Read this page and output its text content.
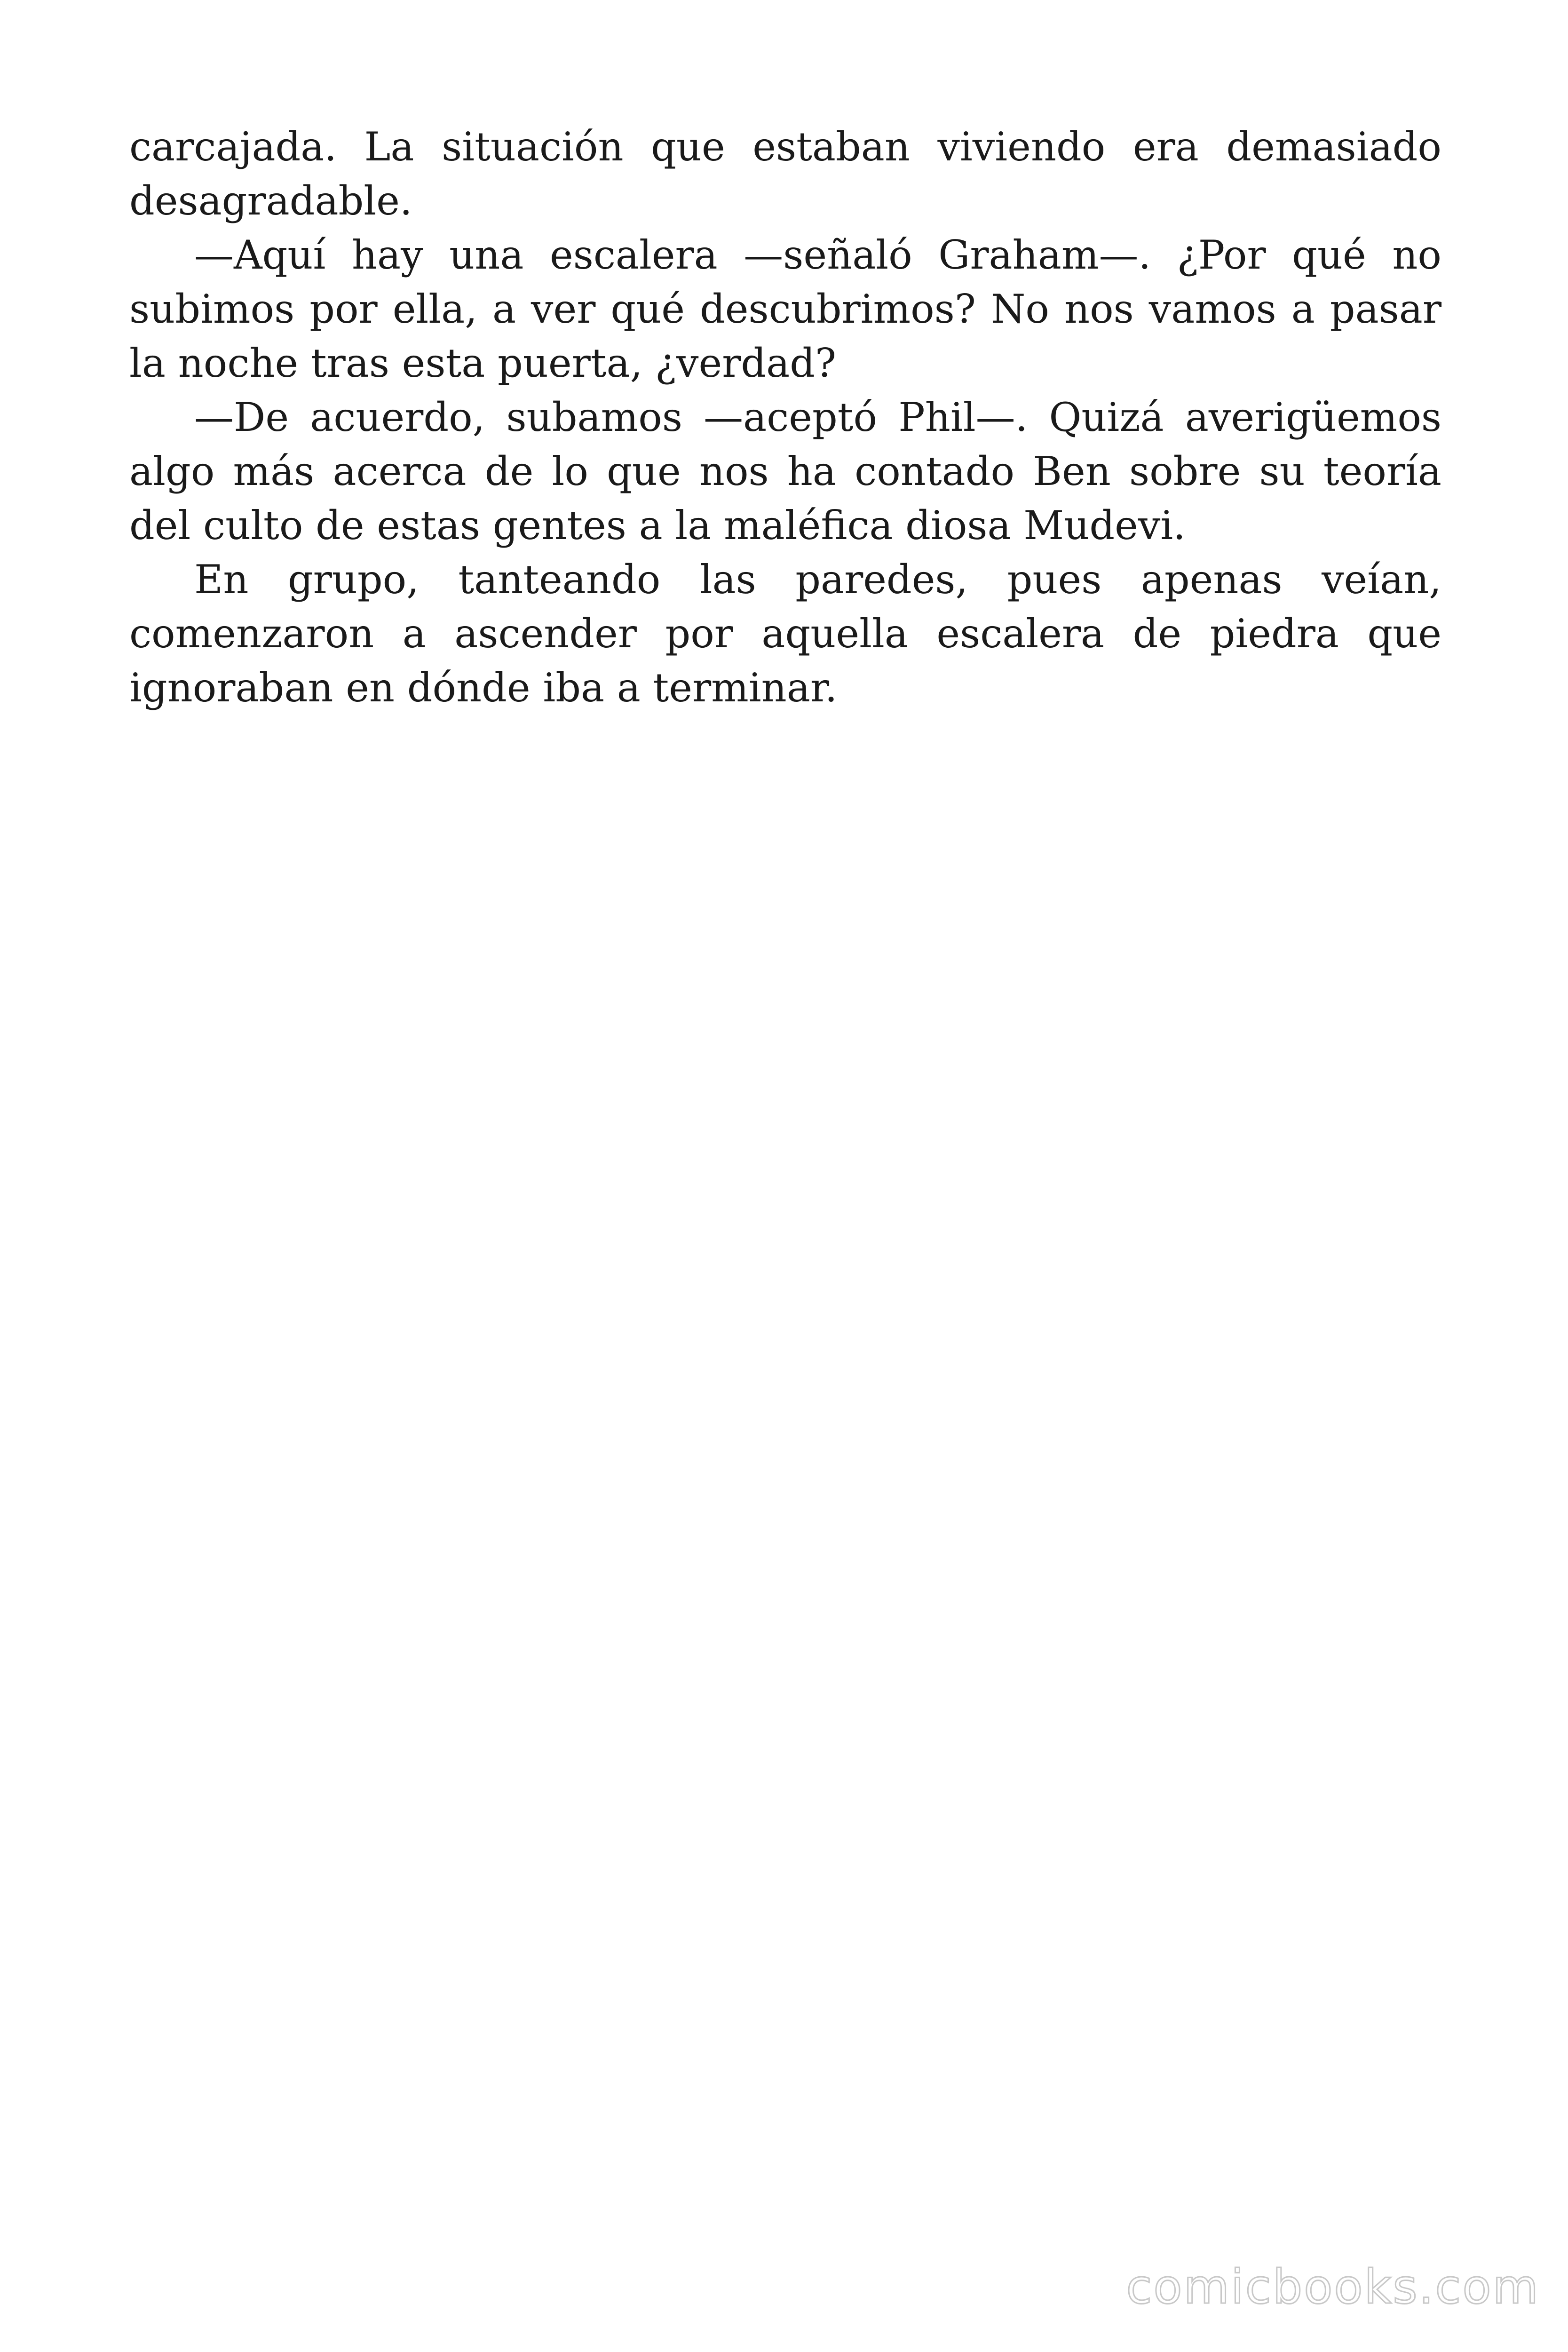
carcajada. La situación que estaban viviendo era demasiado desagradable.

—Aquí hay una escalera —señaló Graham—. ¿Por qué no subimos por ella, a ver qué descubrimos? No nos vamos a pasar la noche tras esta puerta, ¿verdad?

—De acuerdo, subamos —aceptó Phil—. Quizá averigüemos algo más acerca de lo que nos ha contado Ben sobre su teoría del culto de estas gentes a la maléfica diosa Mudevi.

En grupo, tanteando las paredes, pues apenas veían, comenzaron a ascender por aquella escalera de piedra que ignoraban en dónde iba a terminar.

comicbooks.com
